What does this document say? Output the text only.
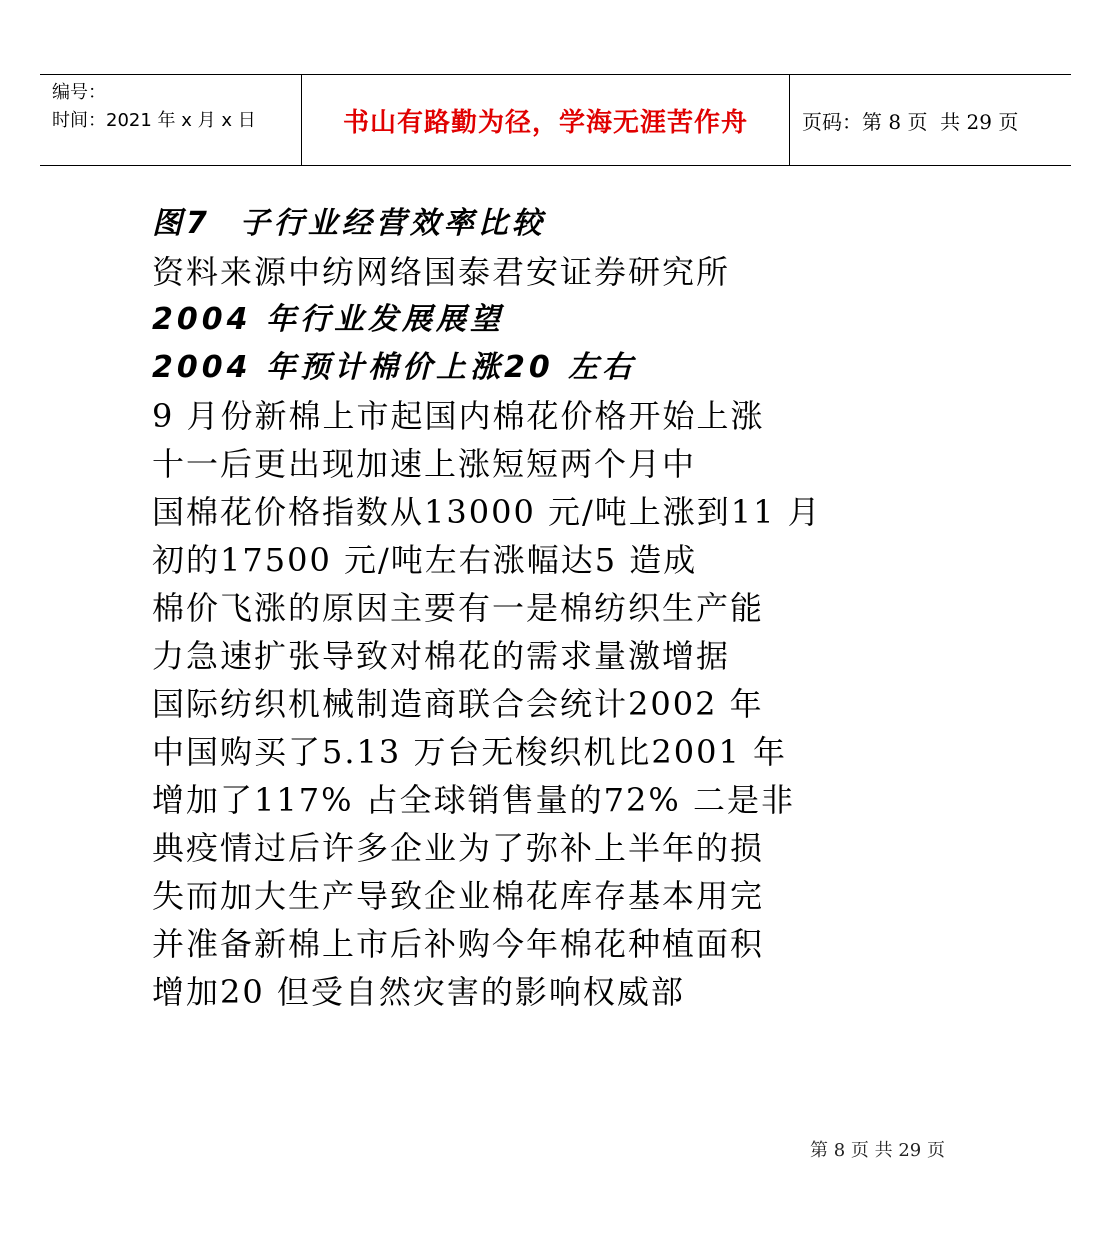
编号：
时间：2021 年 x 月 x 日	书山有路勤为径，学海无涯苦作舟	页码：第 8 页  共 29 页
图7  子行业经营效率比较
资料来源中纺网络国泰君安证券研究所
2004 年行业发展展望
2004 年预计棉价上涨20 左右
9 月份新棉上市起国内棉花价格开始上涨
十一后更出现加速上涨短短两个月中
国棉花价格指数从13000 元/吨上涨到11 月
初的17500 元/吨左右涨幅达5 造成
棉价飞涨的原因主要有一是棉纺织生产能
力急速扩张导致对棉花的需求量激增据
国际纺织机械制造商联合会统计2002 年
中国购买了5.13 万台无梭织机比2001 年
增加了117% 占全球销售量的72% 二是非
典疫情过后许多企业为了弥补上半年的损
失而加大生产导致企业棉花库存基本用完
并准备新棉上市后补购今年棉花种植面积
增加20 但受自然灾害的影响权威部
第 8 页 共 29 页
